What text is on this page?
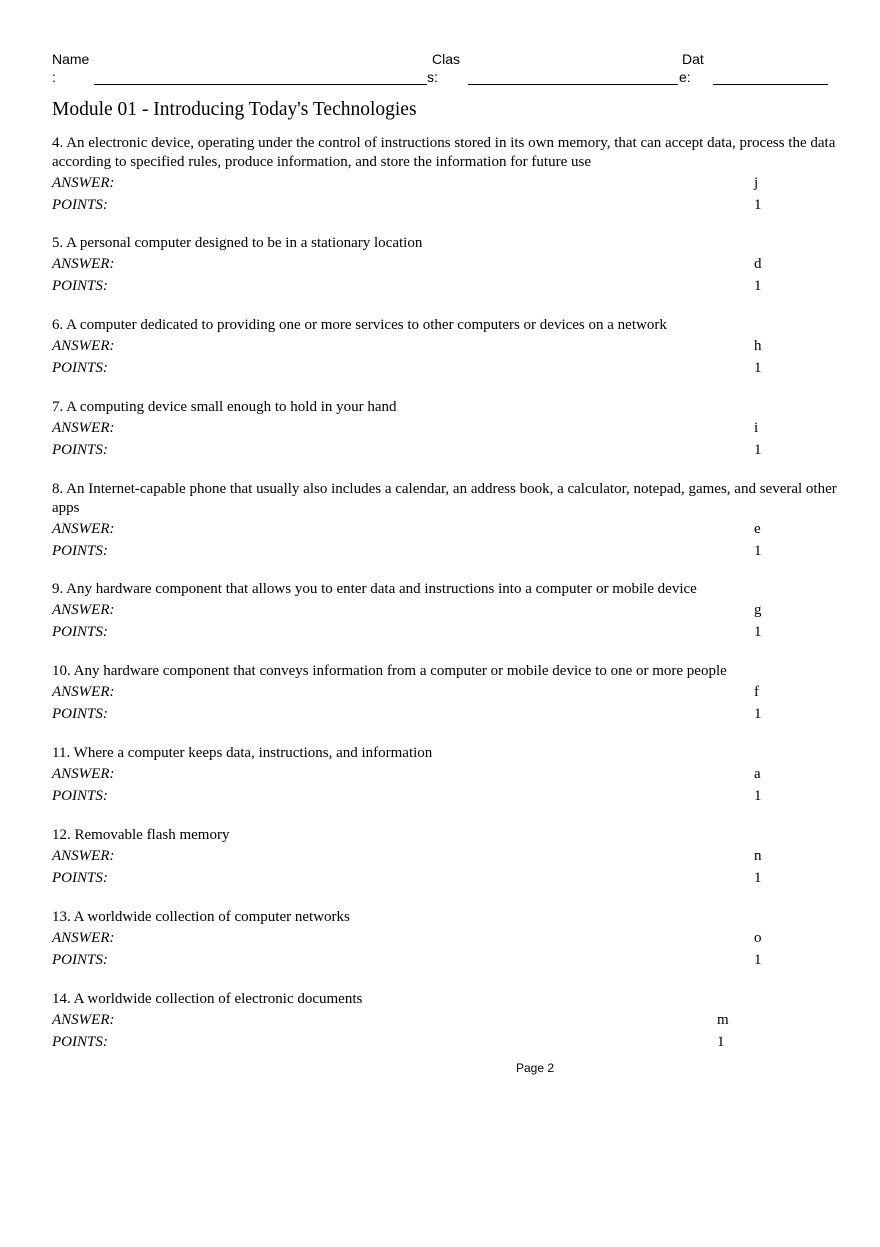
Name
:
Clas
s:
Dat
e:
Module 01 - Introducing Today's Technologies
4. An electronic device, operating under the control of instructions stored in its own memory, that can accept data, process the data according to specified rules, produce information, and store the information for future use
ANSWER:	j
POINTS:	1
5. A personal computer designed to be in a stationary location
ANSWER:	d
POINTS:	1
6. A computer dedicated to providing one or more services to other computers or devices on a network
ANSWER:	h
POINTS:	1
7. A computing device small enough to hold in your hand
ANSWER:	i
POINTS:	1
8. An Internet-capable phone that usually also includes a calendar, an address book, a calculator, notepad, games, and several other apps
ANSWER:	e
POINTS:	1
9. Any hardware component that allows you to enter data and instructions into a computer or mobile device
ANSWER:	g
POINTS:	1
10. Any hardware component that conveys information from a computer or mobile device to one or more people
ANSWER:	f
POINTS:	1
11. Where a computer keeps data, instructions, and information
ANSWER:	a
POINTS:	1
12. Removable flash memory
ANSWER:	n
POINTS:	1
13. A worldwide collection of computer networks
ANSWER:	o
POINTS:	1
14. A worldwide collection of electronic documents
ANSWER:	m
POINTS:	1
Page 2
